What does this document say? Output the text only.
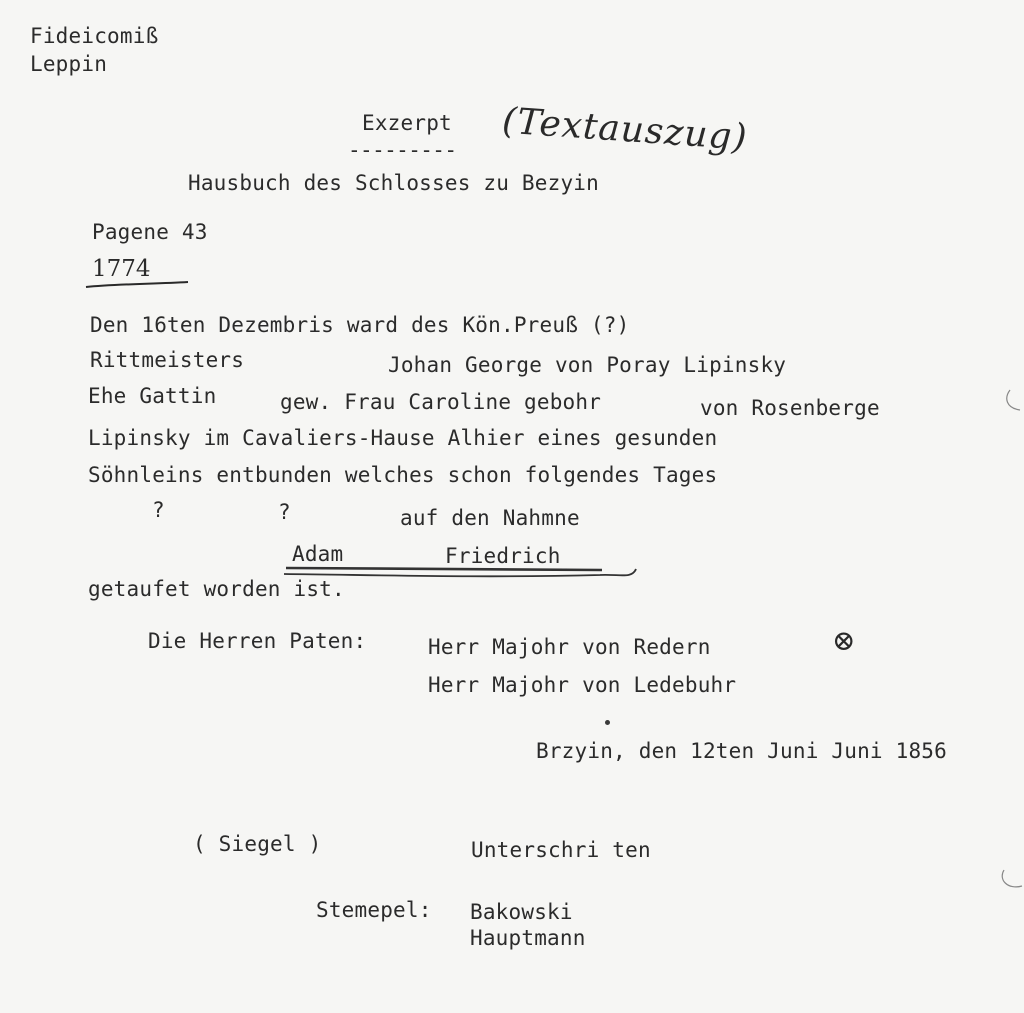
Fideicomiß
Leppin
Exzerpt
--------- (Textauszug)
Hausbuch des Schlosses zu Bezyin
Pagene 43
1774
Den 16ten Dezembris ward des Kön.Preuß (?)
Rittmeisters	Johan George von Poray Lipinsky
Ehe Gattin	gew. Frau Caroline gebohr	von Rosenberge
Lipinsky im Cavaliers-Hause Alhier eines gesunden
Söhnleins entbunden welches schon folgendes Tages
?	?	auf den Nahmne
Adam	Friedrich
getaufet worden ist.
Die Herren Paten:	Herr Majohr von Redern	⊗
Herr Majohr von Ledebuhr
Brzyin, den 12ten Juni Juni 1856
( Siegel )	Unterschri ten
Stemepel: Bakowski
Hauptmann
